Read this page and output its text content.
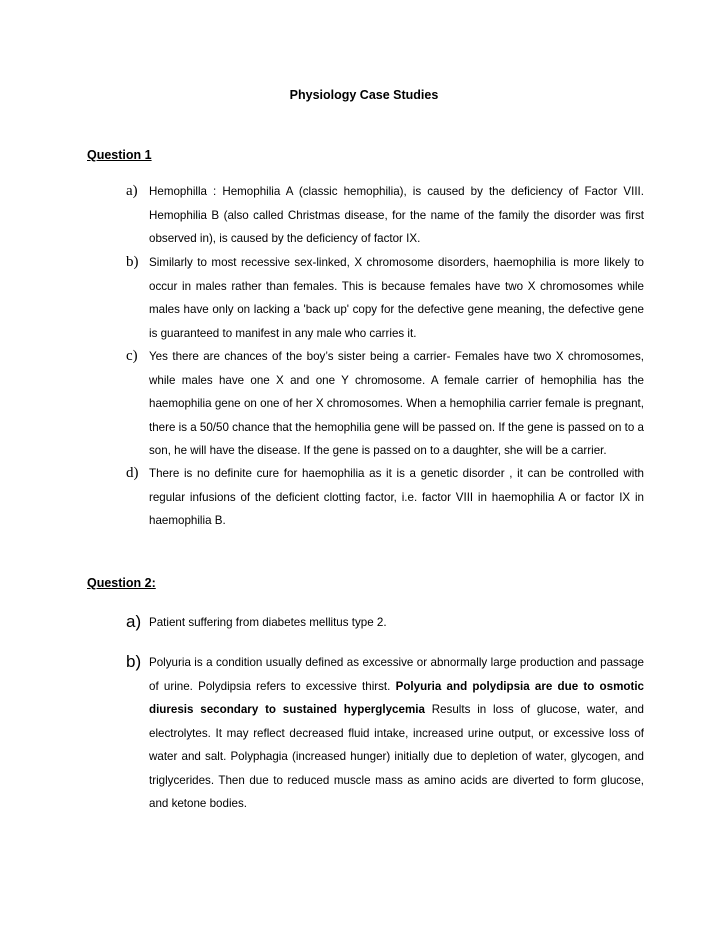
Physiology Case Studies
Question 1
a) Hemophilla : Hemophilia A (classic hemophilia), is caused by the deficiency of Factor VIII. Hemophilia B (also called Christmas disease, for the name of the family the disorder was first observed in), is caused by the deficiency of factor IX.
b) Similarly to most recessive sex-linked, X chromosome disorders, haemophilia is more likely to occur in males rather than females. This is because females have two X chromosomes while males have only on lacking a 'back up' copy for the defective gene meaning, the defective gene is guaranteed to manifest in any male who carries it.
c) Yes there are chances of the boy’s sister being a carrier- Females have two X chromosomes, while males have one X and one Y chromosome. A female carrier of hemophilia has the haemophilia gene on one of her X chromosomes. When a hemophilia carrier female is pregnant, there is a 50/50 chance that the hemophilia gene will be passed on. If the gene is passed on to a son, he will have the disease. If the gene is passed on to a daughter, she will be a carrier.
d) There is no definite cure for haemophilia as it is a genetic disorder , it can be controlled with regular infusions of the deficient clotting factor, i.e. factor VIII in haemophilia A or factor IX in haemophilia B.
Question 2:
a) Patient suffering from diabetes mellitus type 2.
b) Polyuria is a condition usually defined as excessive or abnormally large production and passage of urine. Polydipsia refers to excessive thirst. Polyuria and polydipsia are due to osmotic diuresis secondary to sustained hyperglycemia Results in loss of glucose, water, and electrolytes. It may reflect decreased fluid intake, increased urine output, or excessive loss of water and salt. Polyphagia (increased hunger) initially due to depletion of water, glycogen, and triglycerides. Then due to reduced muscle mass as amino acids are diverted to form glucose, and ketone bodies.
